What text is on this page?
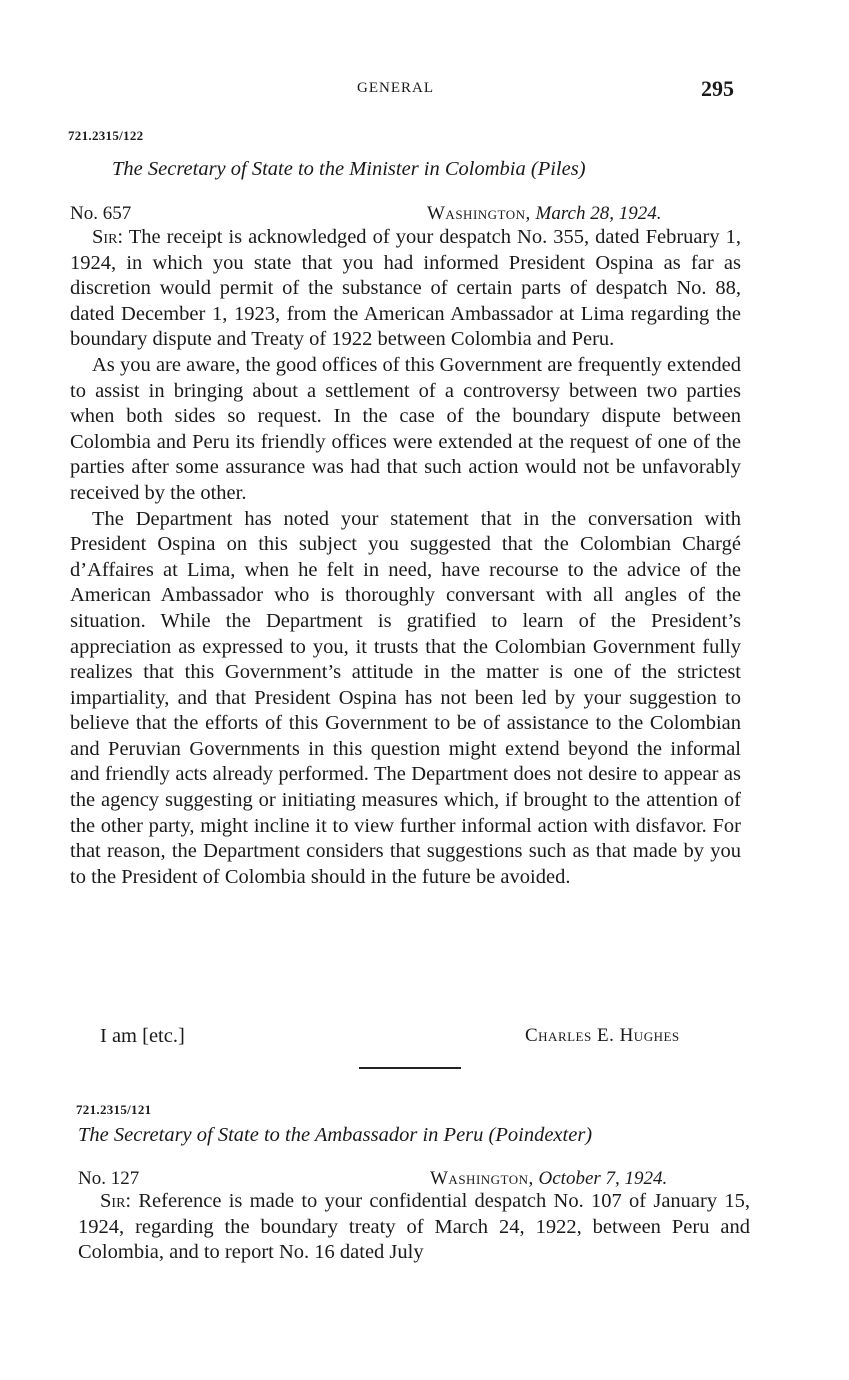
GENERAL	295
721.2315/122
The Secretary of State to the Minister in Colombia (Piles)
No. 657	Washington, March 28, 1924.

Sir: The receipt is acknowledged of your despatch No. 355, dated February 1, 1924, in which you state that you had informed President Ospina as far as discretion would permit of the substance of certain parts of despatch No. 88, dated December 1, 1923, from the American Ambassador at Lima regarding the boundary dispute and Treaty of 1922 between Colombia and Peru.

As you are aware, the good offices of this Government are frequently extended to assist in bringing about a settlement of a controversy between two parties when both sides so request. In the case of the boundary dispute between Colombia and Peru its friendly offices were extended at the request of one of the parties after some assurance was had that such action would not be unfavorably received by the other.

The Department has noted your statement that in the conversation with President Ospina on this subject you suggested that the Colombian Chargé d’Affaires at Lima, when he felt in need, have recourse to the advice of the American Ambassador who is thoroughly conversant with all angles of the situation. While the Department is gratified to learn of the President’s appreciation as expressed to you, it trusts that the Colombian Government fully realizes that this Government’s attitude in the matter is one of the strictest impartiality, and that President Ospina has not been led by your suggestion to believe that the efforts of this Government to be of assistance to the Colombian and Peruvian Governments in this question might extend beyond the informal and friendly acts already performed. The Department does not desire to appear as the agency suggesting or initiating measures which, if brought to the attention of the other party, might incline it to view further informal action with disfavor. For that reason, the Department considers that suggestions such as that made by you to the President of Colombia should in the future be avoided.

I am [etc.]	Charles E. Hughes
721.2315/121
The Secretary of State to the Ambassador in Peru (Poindexter)
No. 127	Washington, October 7, 1924.

Sir: Reference is made to your confidential despatch No. 107 of January 15, 1924, regarding the boundary treaty of March 24, 1922, between Peru and Colombia, and to report No. 16 dated July
